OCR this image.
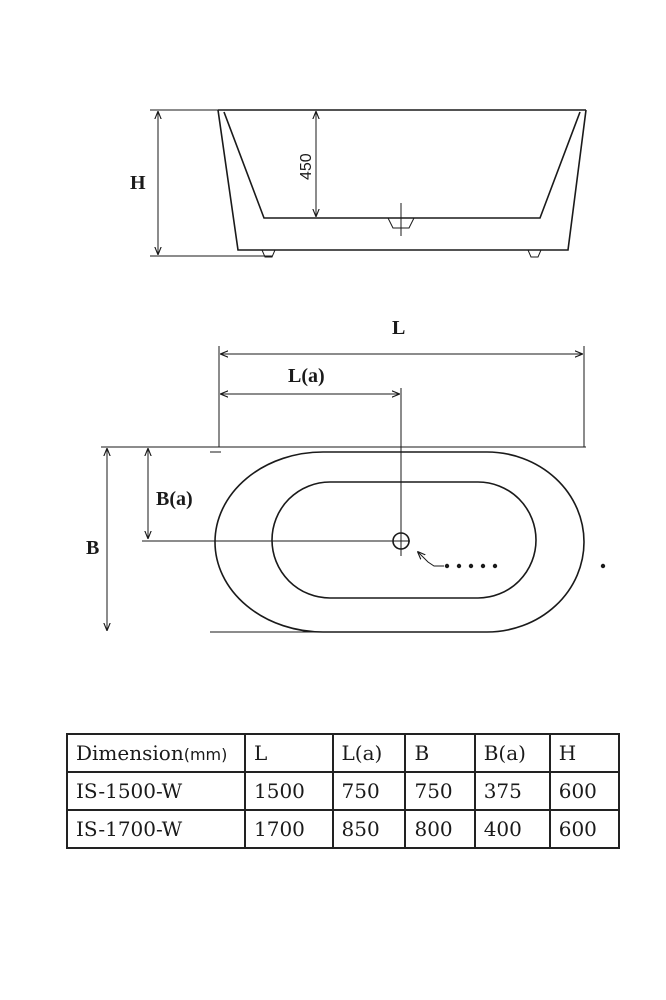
H
450
L
L(a)
B
B(a)
Dimension(mm)	L	L(a)	B	B(a)	H
IS-1500-W	1500	750	750	375	600
IS-1700-W	1700	850	800	400	600
